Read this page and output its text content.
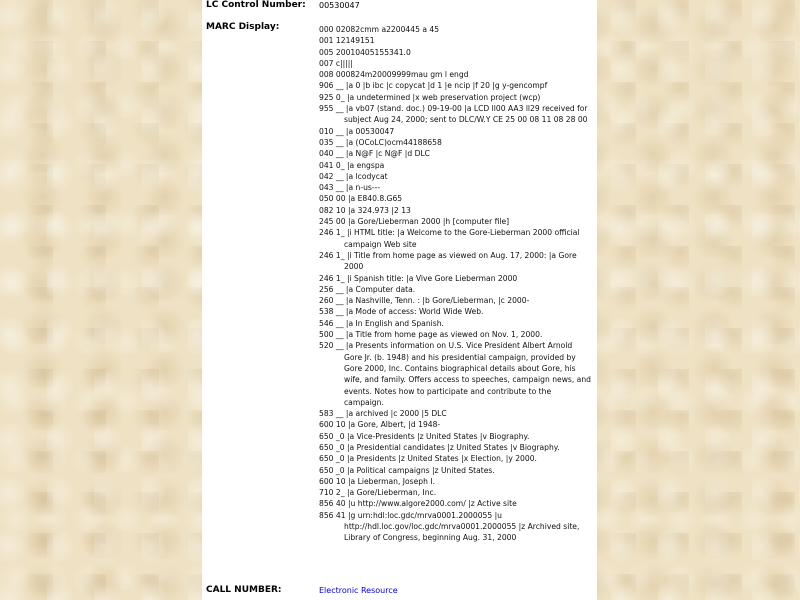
LC Control Number: 00530047
MARC Display:	000 02082cmm a2200445 a 45
001 12149151
005 20010405155341.0
007 c|||||
008 000824m20009999mau gm l engd
906 __ |a 0 |b ibc |c copycat |d 1 |e ncip |f 20 |g y-gencompf
925 0_ |a undetermined |x web preservation project (wcp)
955 __ |a vb07 (stand. doc.) 09-19-00 |a LCD ll00 AA3 ll29 received for subject Aug 24, 2000; sent to DLC/W.Y CE 25 00 08 11 08 28 00
010 __ |a 00530047
035 __ |a (OCoLC)ocm44188658
040 __ |a N@F |c N@F |d DLC
041 0_ |a engspa
042 __ |a lcodycat
043 __ |a n-us---
050 00 |a E840.8.G65
082 10 |a 324.973 |2 13
245 00 |a Gore/Lieberman 2000 |h [computer file]
246 1_ |i HTML title: |a Welcome to the Gore-Lieberman 2000 official campaign Web site
246 1_ |i Title from home page as viewed on Aug. 17, 2000: |a Gore 2000
246 1_ |i Spanish title: |a Vive Gore Lieberman 2000
256 __ |a Computer data.
260 __ |a Nashville, Tenn. : |b Gore/Lieberman, |c 2000-
538 __ |a Mode of access: World Wide Web.
546 __ |a In English and Spanish.
500 __ |a Title from home page as viewed on Nov. 1, 2000.
520 __ |a Presents information on U.S. Vice President Albert Arnold Gore Jr. (b. 1948) and his presidential campaign, provided by Gore 2000, Inc. Contains biographical details about Gore, his wife, and family. Offers access to speeches, campaign news, and events. Notes how to participate and contribute to the campaign.
583 __ |a archived |c 2000 |5 DLC
600 10 |a Gore, Albert, |d 1948-
650 _0 |a Vice-Presidents |z United States |v Biography.
650 _0 |a Presidential candidates |z United States |v Biography.
650 _0 |a Presidents |z United States |x Election, |y 2000.
650 _0 |a Political campaigns |z United States.
600 10 |a Lieberman, Joseph I.
710 2_ |a Gore/Lieberman, Inc.
856 40 |u http://www.algore2000.com/ |z Active site
856 41 |g urn:hdl:loc.gdc/mrva0001.2000055 |u http://hdl.loc.gov/loc.gdc/mrva0001.2000055 |z Archived site, Library of Congress, beginning Aug. 31, 2000
CALL NUMBER:	Electronic Resource
